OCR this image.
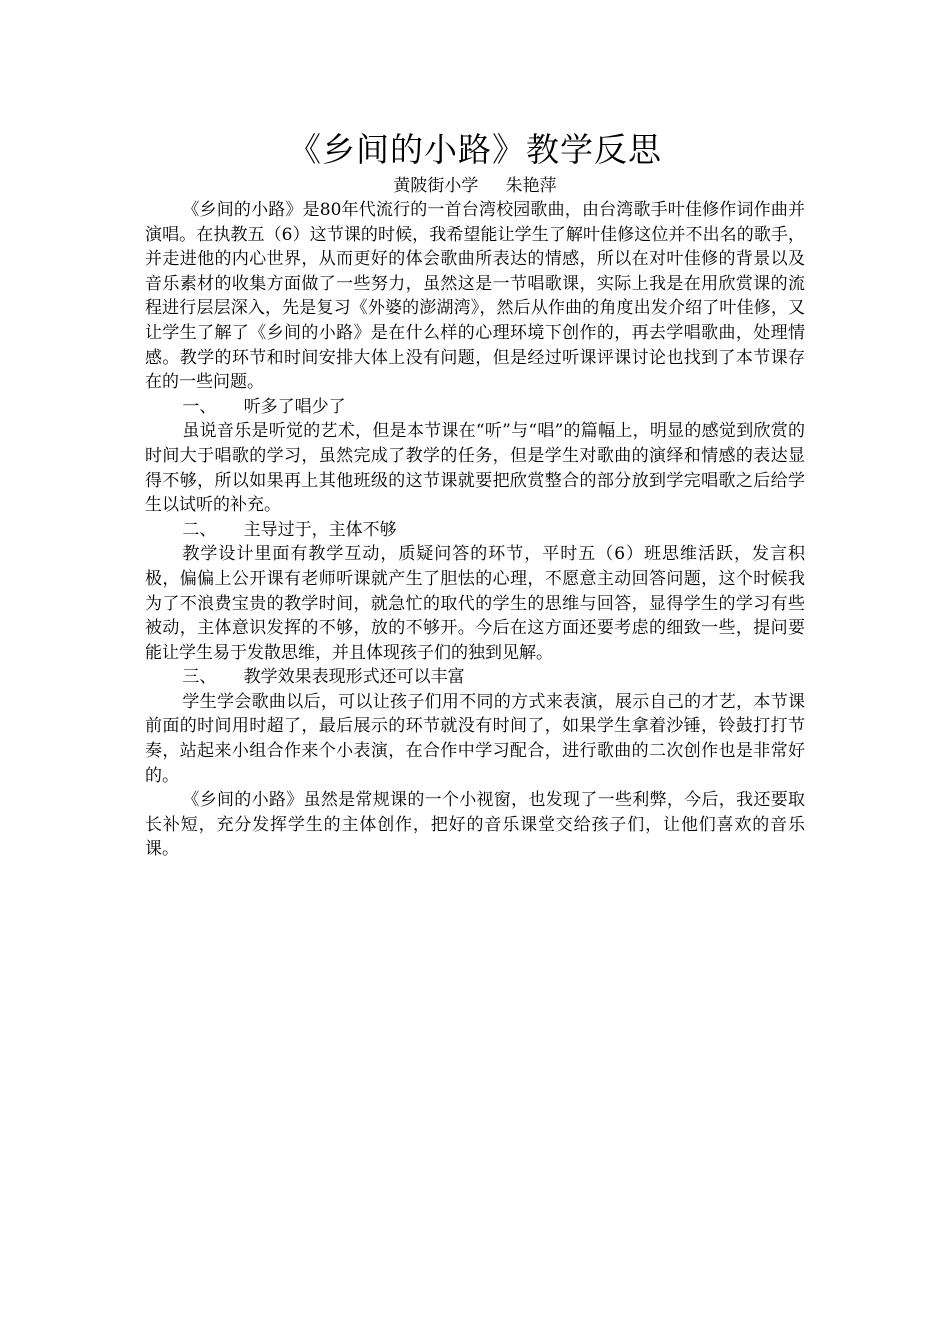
《乡间的小路》教学反思

黄陂街小学 朱艳萍

《乡间的小路》是80年代流行的一首台湾校园歌曲，由台湾歌手叶佳修作词作曲并演唱。在执教五（6）这节课的时候，我希望能让学生了解叶佳修这位并不出名的歌手，并走进他的内心世界，从而更好的体会歌曲所表达的情感，所以在对叶佳修的背景以及音乐素材的收集方面做了一些努力，虽然这是一节唱歌课，实际上我是在用欣赏课的流程进行层层深入，先是复习《外婆的澎湖湾》，然后从作曲的角度出发介绍了叶佳修，又让学生了解了《乡间的小路》是在什么样的心理环境下创作的，再去学唱歌曲，处理情感。教学的环节和时间安排大体上没有问题，但是经过听课评课讨论也找到了本节课存在的一些问题。

一、 听多了唱少了

虽说音乐是听觉的艺术，但是本节课在“听”与“唱”的篇幅上，明显的感觉到欣赏的时间大于唱歌的学习，虽然完成了教学的任务，但是学生对歌曲的演绎和情感的表达显得不够，所以如果再上其他班级的这节课就要把欣赏整合的部分放到学完唱歌之后给学生以试听的补充。

二、 主导过于，主体不够

教学设计里面有教学互动，质疑问答的环节，平时五（6）班思维活跃，发言积极，偏偏上公开课有老师听课就产生了胆怯的心理，不愿意主动回答问题，这个时候我为了不浪费宝贵的教学时间，就急忙的取代的学生的思维与回答，显得学生的学习有些被动，主体意识发挥的不够，放的不够开。今后在这方面还要考虑的细致一些，提问要能让学生易于发散思维，并且体现孩子们的独到见解。

三、 教学效果表现形式还可以丰富

学生学会歌曲以后，可以让孩子们用不同的方式来表演，展示自己的才艺，本节课前面的时间用时超了，最后展示的环节就没有时间了，如果学生拿着沙锤，铃鼓打打节奏，站起来小组合作来个小表演，在合作中学习配合，进行歌曲的二次创作也是非常好的。

《乡间的小路》虽然是常规课的一个小视窗，也发现了一些利弊，今后，我还要取长补短，充分发挥学生的主体创作，把好的音乐课堂交给孩子们，让他们喜欢的音乐课。
